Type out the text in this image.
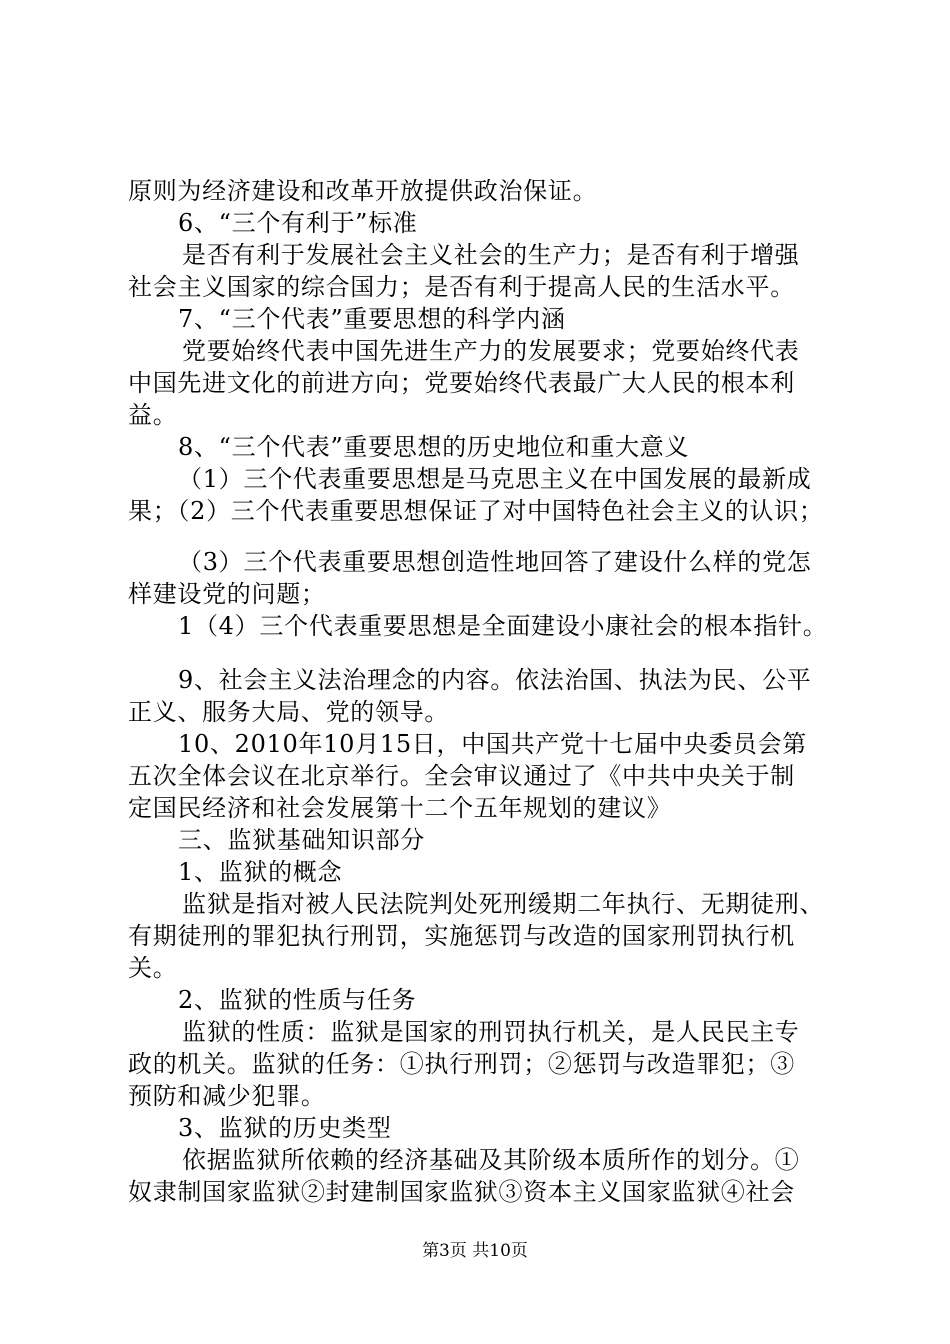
原则为经济建设和改革开放提供政治保证。
6、“三个有利于”标准
是否有利于发展社会主义社会的生产力；是否有利于增强
社会主义国家的综合国力；是否有利于提高人民的生活水平。
7、“三个代表”重要思想的科学内涵
党要始终代表中国先进生产力的发展要求；党要始终代表
中国先进文化的前进方向；党要始终代表最广大人民的根本利
益。
8、“三个代表”重要思想的历史地位和重大意义
（1）三个代表重要思想是马克思主义在中国发展的最新成
果；（2）三个代表重要思想保证了对中国特色社会主义的认识；
（3）三个代表重要思想创造性地回答了建设什么样的党怎
样建设党的问题；
1（4）三个代表重要思想是全面建设小康社会的根本指针。
9、社会主义法治理念的内容。依法治国、执法为民、公平
正义、服务大局、党的领导。
10、2010年10月15日，中国共产党十七届中央委员会第
五次全体会议在北京举行。全会审议通过了《中共中央关于制
定国民经济和社会发展第十二个五年规划的建议》
三、监狱基础知识部分
1、监狱的概念
监狱是指对被人民法院判处死刑缓期二年执行、无期徒刑、
有期徒刑的罪犯执行刑罚，实施惩罚与改造的国家刑罚执行机
关。
2、监狱的性质与任务
监狱的性质：监狱是国家的刑罚执行机关，是人民民主专
政的机关。监狱的任务：①执行刑罚；②惩罚与改造罪犯；③
预防和减少犯罪。
3、监狱的历史类型
依据监狱所依赖的经济基础及其阶级本质所作的划分。①
奴隶制国家监狱②封建制国家监狱③资本主义国家监狱④社会
第3页 共10页
